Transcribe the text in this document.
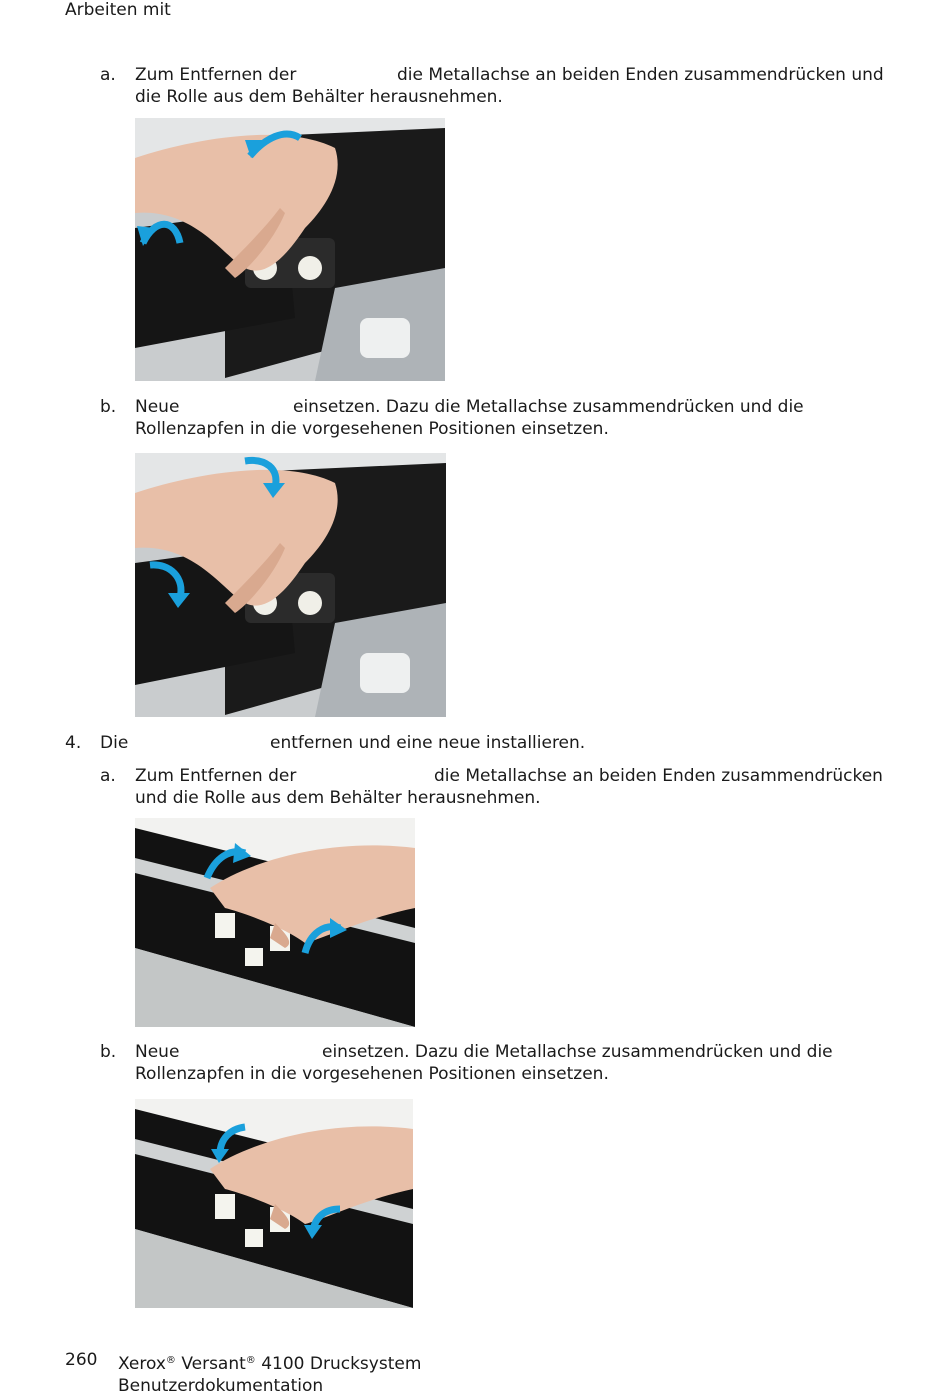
Arbeiten mit
a. Zum Entfernen der	die Metallachse an beiden Enden zusammendrücken und
die Rolle aus dem Behälter herausnehmen.
b. Neue	einsetzen. Dazu die Metallachse zusammendrücken und die
Rollenzapfen in die vorgesehenen Positionen einsetzen.
4. Die	entfernen und eine neue installieren.
a. Zum Entfernen der	die Metallachse an beiden Enden zusammendrücken
und die Rolle aus dem Behälter herausnehmen.
b. Neue	einsetzen. Dazu die Metallachse zusammendrücken und die
Rollenzapfen in die vorgesehenen Positionen einsetzen.
260 Xerox® Versant® 4100 Drucksystem
Benutzerdokumentation
